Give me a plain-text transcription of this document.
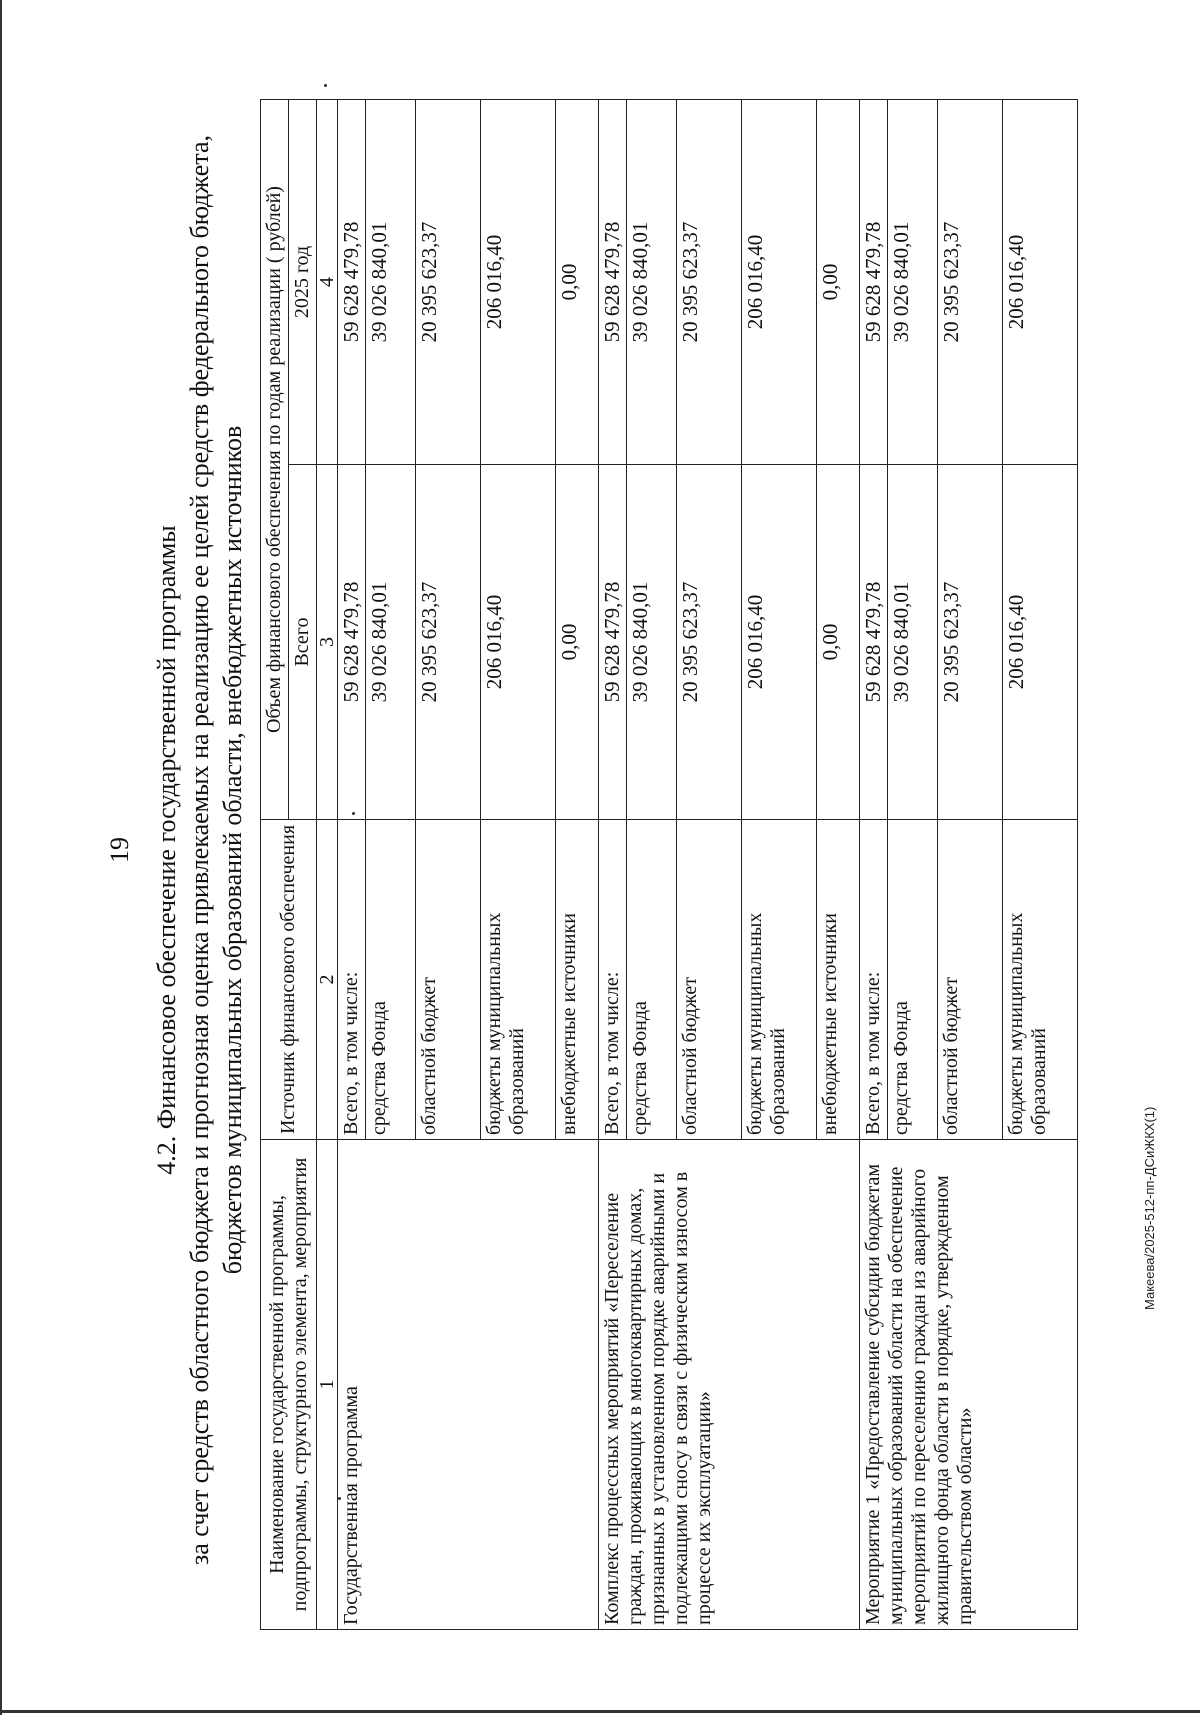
19 4.2. Финансовое обеспечение государственной программы за счет средств областного бюджета и прогнозная оценка привлекаемых на реализацию ее целей средств федерального бюджета, бюджетов муниципальных образований области, внебюджетных источников
Наименование государственной программы, подпрограммы, структурного элемента, мероприятия	Источник финансового обеспечения	Объем финансового обеспечения по годам реализации ( рублей)	
		Всего	2025 год
1	2	3	4
Государственная программа	Всего, в том числе:	59 628 479,78	59 628 479,78
	средства Фонда	39 026 840,01	39 026 840,01
	областной бюджет	20 395 623,37	20 395 623,37
	бюджеты муниципальных образований	206 016,40	206 016,40
	внебюджетные источники	0,00	0,00
Комплекс процессных мероприятий «Переселение граждан, проживающих в многоквартирных домах, признанных в установленном порядке аварийными и подлежащими сносу в связи с физическим износом в процессе их эксплуатации»	Всего, в том числе:	59 628 479,78	59 628 479,78
	средства Фонда	39 026 840,01	39 026 840,01
	областной бюджет	20 395 623,37	20 395 623,37
	бюджеты муниципальных образований	206 016,40	206 016,40
	внебюджетные источники	0,00	0,00
Мероприятие 1 «Предоставление субсидии бюджетам муниципальных образований области на обеспечение мероприятий по переселению граждан из аварийного жилищного фонда области в порядке, утвержденном правительством области»	Всего, в том числе:	59 628 479,78	59 628 479,78
	средства Фонда	39 026 840,01	39 026 840,01
	областной бюджет	20 395 623,37	20 395 623,37
	бюджеты муниципальных образований	206 016,40	206 016,40
Макеева/2025-512-пп-ДСиЖКХ(1)
